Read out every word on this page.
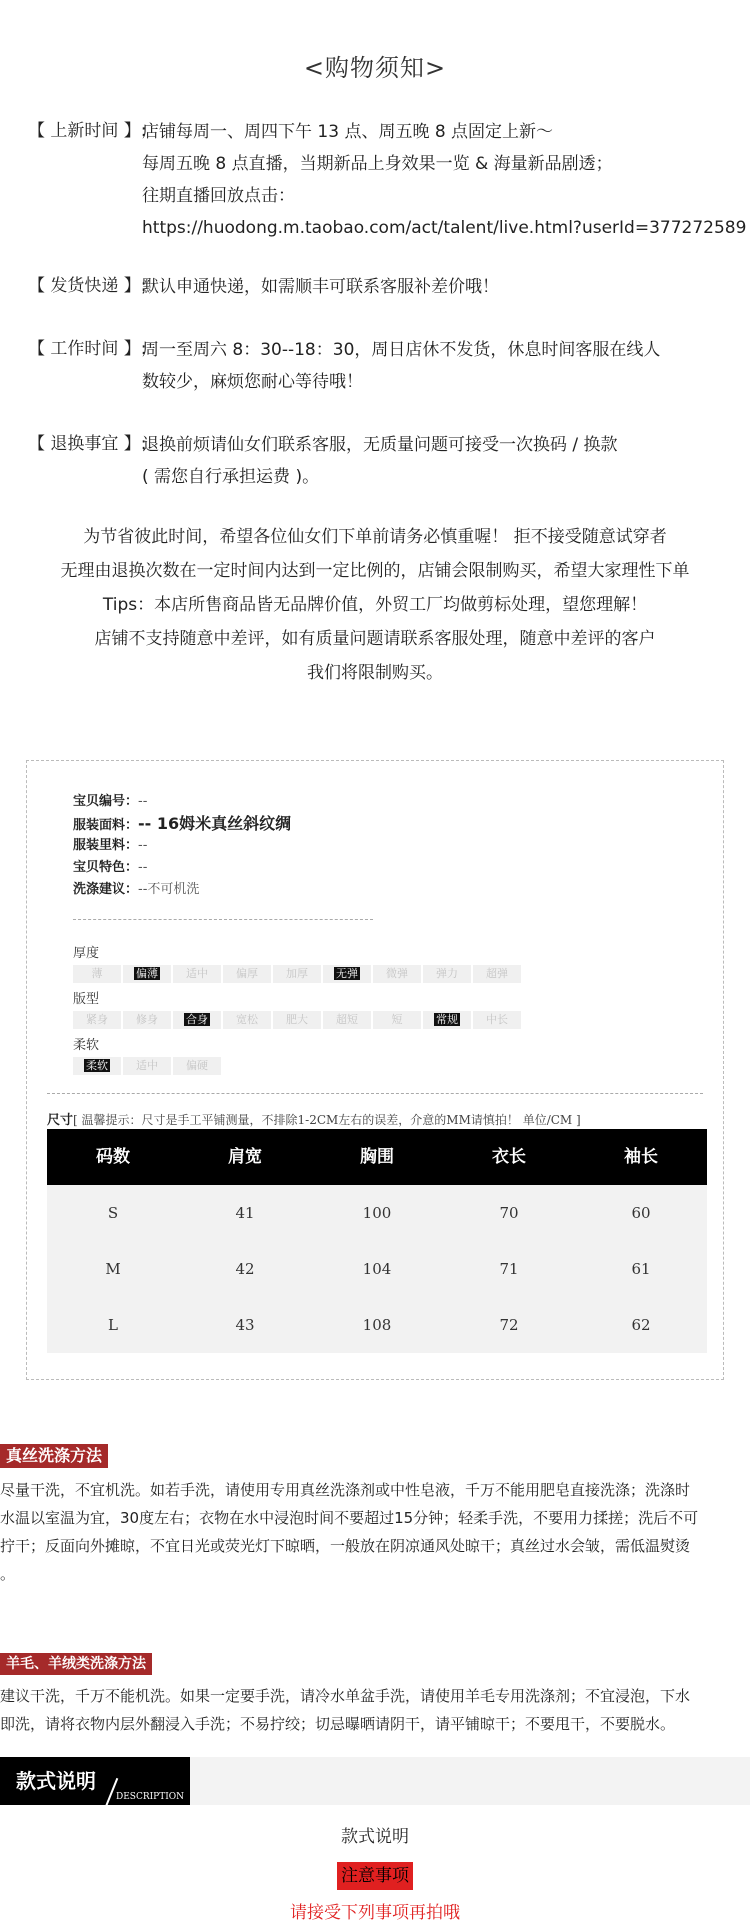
<购物须知>
【 上新时间 】:
店铺每周一、周四下午 13 点、周五晚 8 点固定上新～
每周五晚 8 点直播，当期新品上身效果一览 & 海量新品剧透；
往期直播回放点击：
https://huodong.m.taobao.com/act/talent/live.html?userId=377272589
【 发货快递 】:
默认申通快递，如需顺丰可联系客服补差价哦！
【 工作时间 】:
周一至周六 8：30--18：30，周日店休不发货，休息时间客服在线人
数较少，麻烦您耐心等待哦！
【 退换事宜 】:
退换前烦请仙女们联系客服，无质量问题可接受一次换码 / 换款
( 需您自行承担运费 )。
为节省彼此时间，希望各位仙女们下单前请务必慎重喔！ 拒不接受随意试穿者
无理由退换次数在一定时间内达到一定比例的，店铺会限制购买，希望大家理性下单
Tips：本店所售商品皆无品牌价值，外贸工厂均做剪标处理，望您理解！
店铺不支持随意中差评，如有质量问题请联系客服处理，随意中差评的客户
我们将限制购买。
宝贝编号：--
服装面料：-- 16姆米真丝斜纹绸
服装里料：--
宝贝特色：--
洗涤建议：--不可机洗
厚度
薄	偏薄	适中	偏厚	加厚	无弹	微弹	弹力	超弹
版型
紧身	修身	合身	宽松	肥大	超短	短	常规	中长
柔软
柔软	适中	偏硬
尺寸[ 温馨提示：尺寸是手工平铺测量，不排除1-2CM左右的误差，介意的MM请慎拍！ 单位/CM ]
码数	肩宽	胸围	衣长	袖长
S	41	100	70	60
M	42	104	71	61
L	43	108	72	62
真丝洗涤方法
尽量干洗，不宜机洗。如若手洗，请使用专用真丝洗涤剂或中性皂液，千万不能用肥皂直接洗涤；洗涤时
水温以室温为宜，30度左右；衣物在水中浸泡时间不要超过15分钟；轻柔手洗，不要用力揉搓；洗后不可
拧干；反面向外摊晾，不宜日光或荧光灯下晾晒，一般放在阴凉通风处晾干；真丝过水会皱，需低温熨烫
。
羊毛、羊绒类洗涤方法
建议干洗，千万不能机洗。如果一定要手洗，请冷水单盆手洗，请使用羊毛专用洗涤剂；不宜浸泡，下水
即洗，请将衣物内层外翻浸入手洗；不易拧绞；切忌曝晒请阴干，请平铺晾干；不要甩干，不要脱水。
款式说明
DESCRIPTION
款式说明
注意事项
请接受下列事项再拍哦
